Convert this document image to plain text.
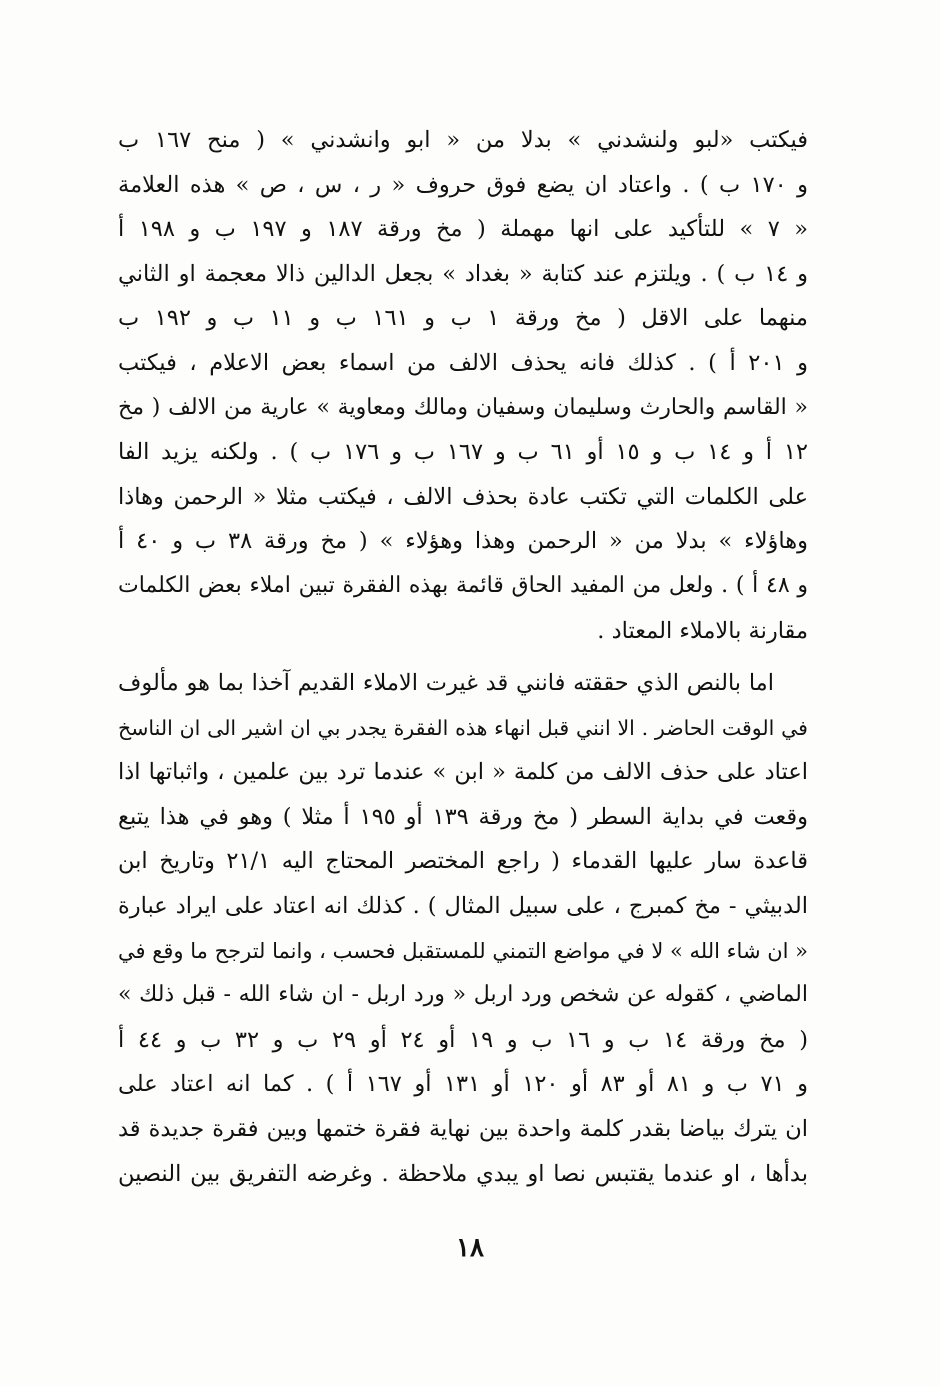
فيكتب «لبو ولنشدني » بدلا من « ابو وانشدني » ( منح ١٦٧ ب
و ١٧٠ ب ) . واعتاد ان يضع فوق حروف « ر ، س ، ص » هذه العلامة
« ٧ » للتأكيد على انها مهملة ( مخ ورقة ١٨٧ و ١٩٧ ب و ١٩٨ أ
و ١٤ ب ) . ويلتزم عند كتابة « بغداد » بجعل الدالين ذالا معجمة او الثاني
منهما على الاقل ( مخ ورقة ١ ب و ١٦١ ب و ١١ ب و ١٩٢ ب
و ٢٠١ أ ) . كذلك فانه يحذف الالف من اسماء بعض الاعلام ، فيكتب
« القاسم والحارث وسليمان وسفيان ومالك ومعاوية » عارية من الالف ( مخ
١٢ أ و ١٤ ب و ١٥ أو ٦١ ب و ١٦٧ ب و ١٧٦ ب ) . ولكنه يزيد الفا
على الكلمات التي تكتب عادة بحذف الالف ، فيكتب مثلا « الرحمن وهاذا
وهاؤلاء » بدلا من « الرحمن وهذا وهؤلاء » ( مخ ورقة ٣٨ ب و ٤٠ أ
و ٤٨ أ ) . ولعل من المفيد الحاق قائمة بهذه الفقرة تبين املاء بعض الكلمات
مقارنة بالاملاء المعتاد .
اما بالنص الذي حققته فانني قد غيرت الاملاء القديم آخذا بما هو مألوف
في الوقت الحاضر . الا انني قبل انهاء هذه الفقرة يجدر بي ان اشير الى ان الناسخ
اعتاد على حذف الالف من كلمة « ابن » عندما ترد بين علمين ، واثباتها اذا
وقعت في بداية السطر ( مخ ورقة ١٣٩ أو ١٩٥ أ مثلا ) وهو في هذا يتبع
قاعدة سار عليها القدماء ( راجع المختصر المحتاج اليه ٢١/١ وتاريخ ابن
الدبيثي - مخ كمبرج ، على سبيل المثال ) . كذلك انه اعتاد على ايراد عبارة
« ان شاء الله » لا في مواضع التمني للمستقبل فحسب ، وانما لترجح ما وقع في
الماضي ، كقوله عن شخص ورد اربل « ورد اربل - ان شاء الله - قبل ذلك »
( مخ ورقة ١٤ ب و ١٦ ب و ١٩ أو ٢٤ أو ٢٩ ب و ٣٢ ب و ٤٤ أ
و ٧١ ب و ٨١ أو ٨٣ أو ١٢٠ أو ١٣١ أو ١٦٧ أ ) . كما انه اعتاد على
ان يترك بياضا بقدر كلمة واحدة بين نهاية فقرة ختمها وبين فقرة جديدة قد
بدأها ، او عندما يقتبس نصا او يبدي ملاحظة . وغرضه التفريق بين النصين
١٨
